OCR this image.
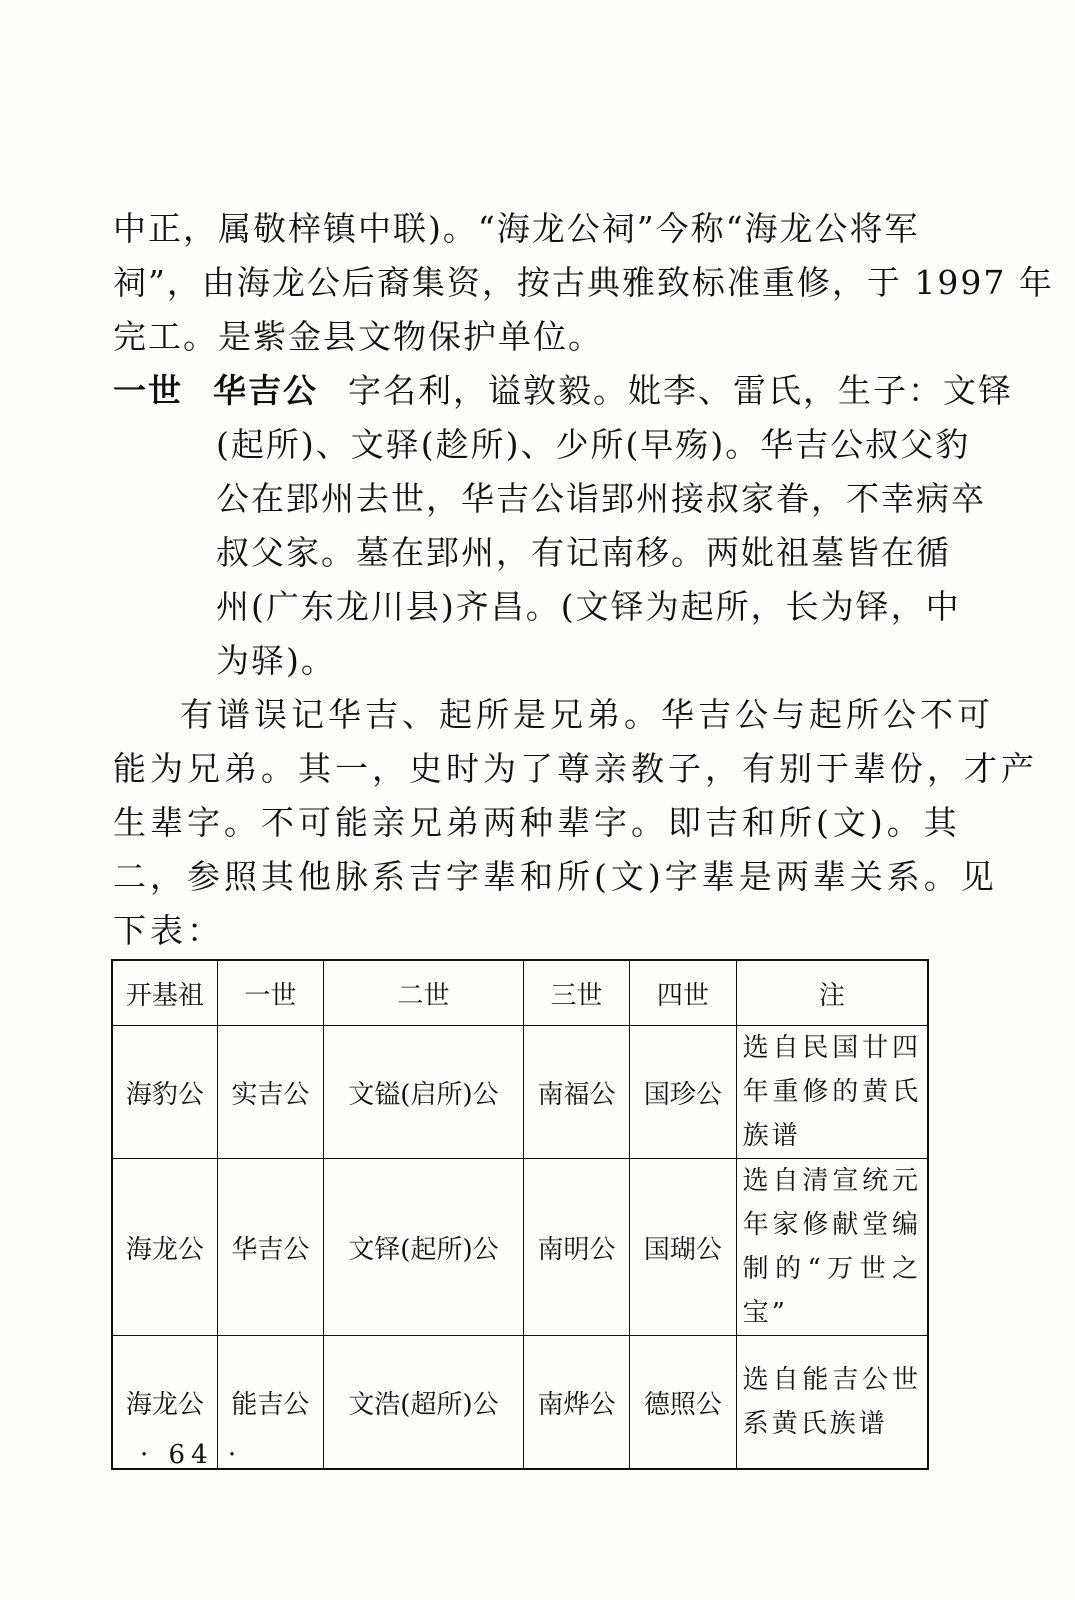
中正，属敬梓镇中联)。“海龙公祠”今称“海龙公将军
祠”，由海龙公后裔集资，按古典雅致标准重修，于 1997 年
完工。是紫金县文物保护单位。
一世 华吉公 字名利，谥敦毅。妣李、雷氏，生子：文铎
(起所)、文驿(趁所)、少所(早殇)。华吉公叔父豹
公在郢州去世，华吉公诣郢州接叔家眷，不幸病卒
叔父家。墓在郢州，有记南移。两妣祖墓皆在循
州(广东龙川县)齐昌。(文铎为起所，长为铎，中
为驿)。
有谱误记华吉、起所是兄弟。华吉公与起所公不可
能为兄弟。其一，史时为了尊亲教子，有别于辈份，才产
生辈字。不可能亲兄弟两种辈字。即吉和所(文)。其
二，参照其他脉系吉字辈和所(文)字辈是两辈关系。见
下表：
开基祖	一世	二世	三世	四世	注
海豹公	实吉公	文镒(启所)公	南福公	国珍公	选自民国廿四年重修的黄氏族谱
海龙公	华吉公	文铎(起所)公	南明公	国瑚公	选自清宣统元年家修献堂编制的“万世之宝”
海龙公	能吉公	文浩(超所)公	南烨公	德照公	选自能吉公世系黄氏族谱
· 64 ·
